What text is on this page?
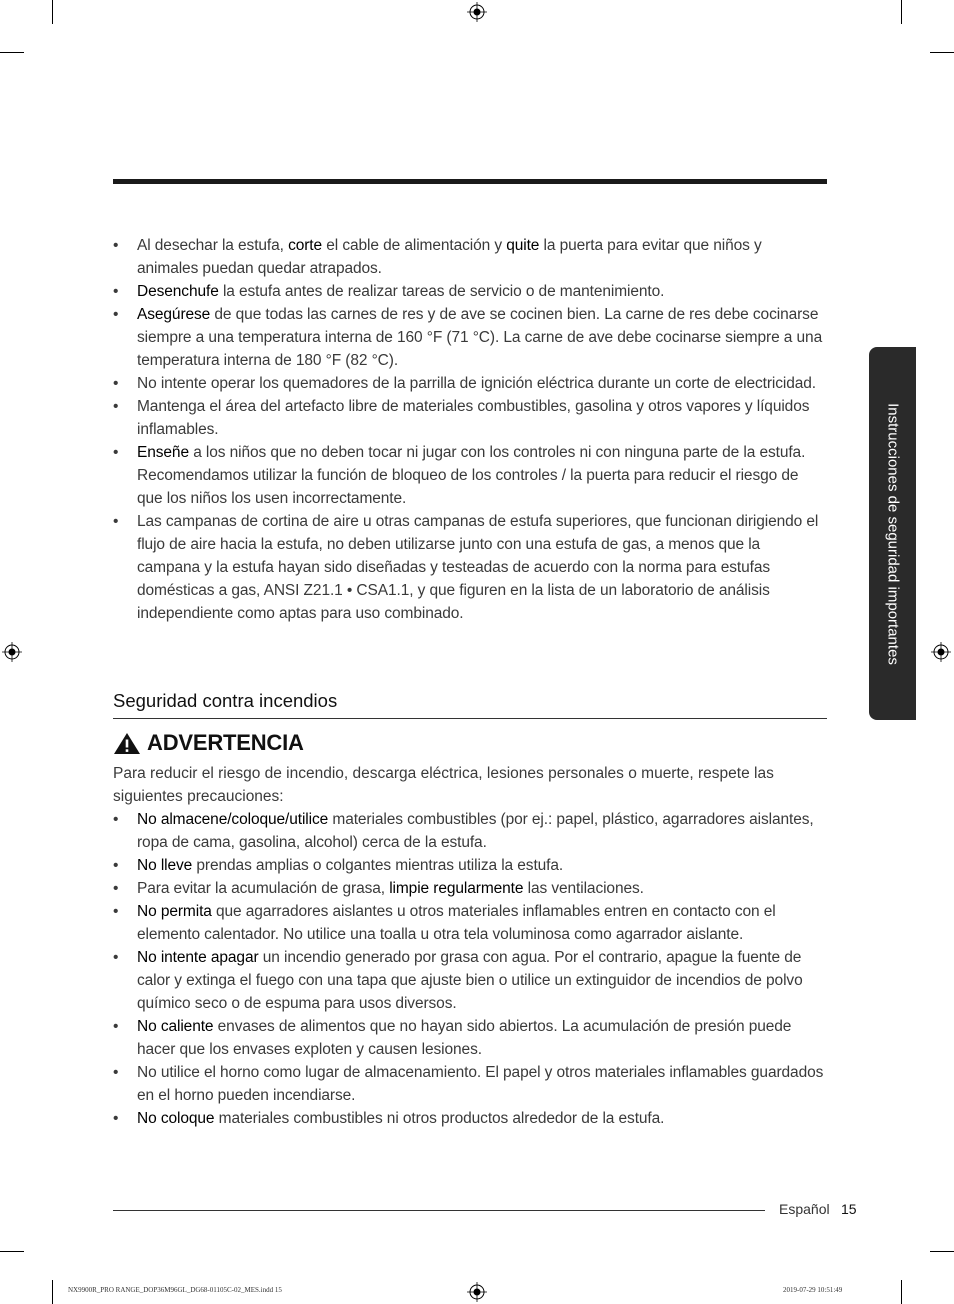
• Al desechar la estufa, corte el cable de alimentación y quite la puerta para evitar que niños y animales puedan quedar atrapados.
• Desenchufe la estufa antes de realizar tareas de servicio o de mantenimiento.
• Asegúrese de que todas las carnes de res y de ave se cocinen bien. La carne de res debe cocinarse siempre a una temperatura interna de 160 °F (71 °C). La carne de ave debe cocinarse siempre a una temperatura interna de 180 °F (82 °C).
• No intente operar los quemadores de la parrilla de ignición eléctrica durante un corte de electricidad.
• Mantenga el área del artefacto libre de materiales combustibles, gasolina y otros vapores y líquidos inflamables.
• Enseñe a los niños que no deben tocar ni jugar con los controles ni con ninguna parte de la estufa. Recomendamos utilizar la función de bloqueo de los controles / la puerta para reducir el riesgo de que los niños los usen incorrectamente.
• Las campanas de cortina de aire u otras campanas de estufa superiores, que funcionan dirigiendo el flujo de aire hacia la estufa, no deben utilizarse junto con una estufa de gas, a menos que la campana y la estufa hayan sido diseñadas y testeadas de acuerdo con la norma para estufas domésticas a gas, ANSI Z21.1 • CSA1.1, y que figuren en la lista de un laboratorio de análisis independiente como aptas para uso combinado.
Seguridad contra incendios
ADVERTENCIA

Para reducir el riesgo de incendio, descarga eléctrica, lesiones personales o muerte, respete las siguientes precauciones:

• No almacene/coloque/utilice materiales combustibles (por ej.: papel, plástico, agarradores aislantes, ropa de cama, gasolina, alcohol) cerca de la estufa.
• No lleve prendas amplias o colgantes mientras utiliza la estufa.
• Para evitar la acumulación de grasa, limpie regularmente las ventilaciones.
• No permita que agarradores aislantes u otros materiales inflamables entren en contacto con el elemento calentador. No utilice una toalla u otra tela voluminosa como agarrador aislante.
• No intente apagar un incendio generado por grasa con agua. Por el contrario, apague la fuente de calor y extinga el fuego con una tapa que ajuste bien o utilice un extinguidor de incendios de polvo químico seco o de espuma para usos diversos.
• No caliente envases de alimentos que no hayan sido abiertos. La acumulación de presión puede hacer que los envases exploten y causen lesiones.
• No utilice el horno como lugar de almacenamiento. El papel y otros materiales inflamables guardados en el horno pueden incendiarse.
• No coloque materiales combustibles ni otros productos alrededor de la estufa.
Instrucciones de seguridad importantes
Español 15
NX9900R_PRO RANGE_DOP36M96GL_DG68-01105C-02_MES.indd 15	2019-07-29 10:51:49
